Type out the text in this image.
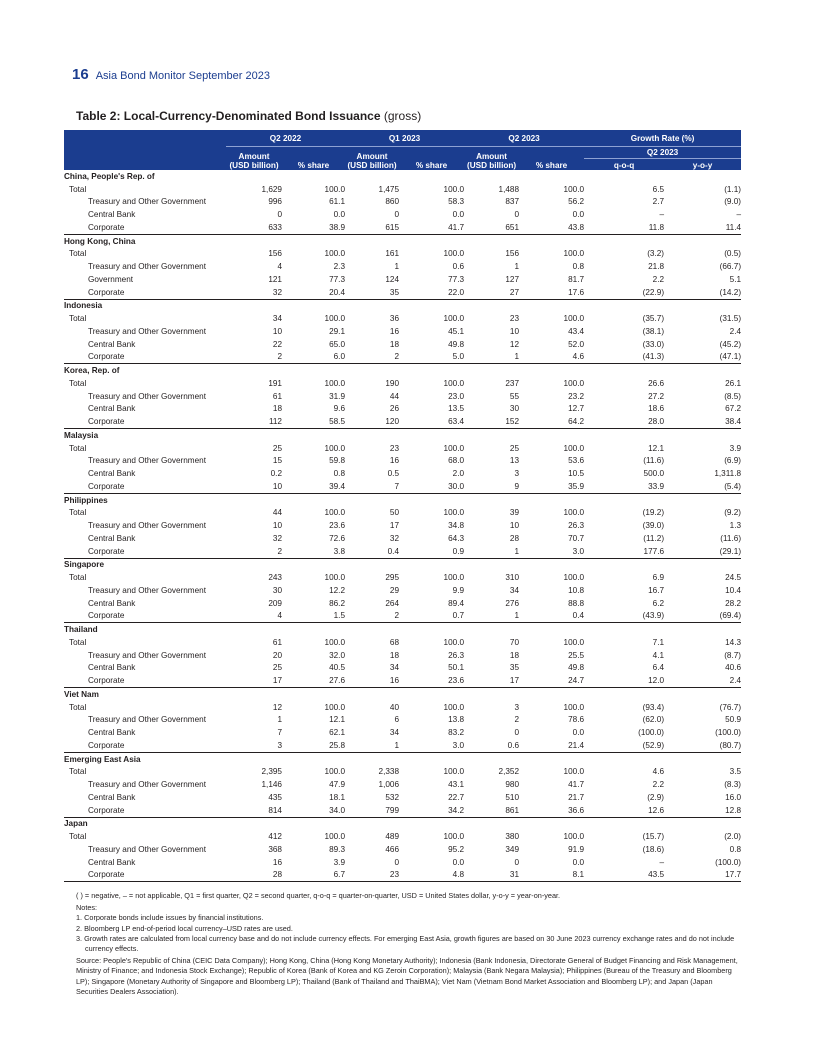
16 Asia Bond Monitor September 2023
Table 2: Local-Currency-Denominated Bond Issuance (gross)
	Q2 2022		Q1 2023		Q2 2023		Growth Rate (%)	
	Amount
(USD billion)	% share	Amount
(USD billion)	% share	Amount
(USD billion)	% share	Q2 2023	
							q-o-q	y-o-y
China, People's Rep. of								
Total	1,629	100.0	1,475	100.0	1,488	100.0	6.5	(1.1)
Treasury and Other Government	996	61.1	860	58.3	837	56.2	2.7	(9.0)
Central Bank	0	0.0	0	0.0	0	0.0	–	–
Corporate	633	38.9	615	41.7	651	43.8	11.8	11.4
Hong Kong, China								
Total	156	100.0	161	100.0	156	100.0	(3.2)	(0.5)
Treasury and Other Government	4	2.3	1	0.6	1	0.8	21.8	(66.7)
Government	121	77.3	124	77.3	127	81.7	2.2	5.1
Corporate	32	20.4	35	22.0	27	17.6	(22.9)	(14.2)
Indonesia								
Total	34	100.0	36	100.0	23	100.0	(35.7)	(31.5)
Treasury and Other Government	10	29.1	16	45.1	10	43.4	(38.1)	2.4
Central Bank	22	65.0	18	49.8	12	52.0	(33.0)	(45.2)
Corporate	2	6.0	2	5.0	1	4.6	(41.3)	(47.1)
Korea, Rep. of								
Total	191	100.0	190	100.0	237	100.0	26.6	26.1
Treasury and Other Government	61	31.9	44	23.0	55	23.2	27.2	(8.5)
Central Bank	18	9.6	26	13.5	30	12.7	18.6	67.2
Corporate	112	58.5	120	63.4	152	64.2	28.0	38.4
Malaysia								
Total	25	100.0	23	100.0	25	100.0	12.1	3.9
Treasury and Other Government	15	59.8	16	68.0	13	53.6	(11.6)	(6.9)
Central Bank	0.2	0.8	0.5	2.0	3	10.5	500.0	1,311.8
Corporate	10	39.4	7	30.0	9	35.9	33.9	(5.4)
Philippines								
Total	44	100.0	50	100.0	39	100.0	(19.2)	(9.2)
Treasury and Other Government	10	23.6	17	34.8	10	26.3	(39.0)	1.3
Central Bank	32	72.6	32	64.3	28	70.7	(11.2)	(11.6)
Corporate	2	3.8	0.4	0.9	1	3.0	177.6	(29.1)
Singapore								
Total	243	100.0	295	100.0	310	100.0	6.9	24.5
Treasury and Other Government	30	12.2	29	9.9	34	10.8	16.7	10.4
Central Bank	209	86.2	264	89.4	276	88.8	6.2	28.2
Corporate	4	1.5	2	0.7	1	0.4	(43.9)	(69.4)
Thailand								
Total	61	100.0	68	100.0	70	100.0	7.1	14.3
Treasury and Other Government	20	32.0	18	26.3	18	25.5	4.1	(8.7)
Central Bank	25	40.5	34	50.1	35	49.8	6.4	40.6
Corporate	17	27.6	16	23.6	17	24.7	12.0	2.4
Viet Nam								
Total	12	100.0	40	100.0	3	100.0	(93.4)	(76.7)
Treasury and Other Government	1	12.1	6	13.8	2	78.6	(62.0)	50.9
Central Bank	7	62.1	34	83.2	0	0.0	(100.0)	(100.0)
Corporate	3	25.8	1	3.0	0.6	21.4	(52.9)	(80.7)
Emerging East Asia								
Total	2,395	100.0	2,338	100.0	2,352	100.0	4.6	3.5
Treasury and Other Government	1,146	47.9	1,006	43.1	980	41.7	2.2	(8.3)
Central Bank	435	18.1	532	22.7	510	21.7	(2.9)	16.0
Corporate	814	34.0	799	34.2	861	36.6	12.6	12.8
Japan								
Total	412	100.0	489	100.0	380	100.0	(15.7)	(2.0)
Treasury and Other Government	368	89.3	466	95.2	349	91.9	(18.6)	0.8
Central Bank	16	3.9	0	0.0	0	0.0	–	(100.0)
Corporate	28	6.7	23	4.8	31	8.1	43.5	17.7

( ) = negative, – = not applicable, Q1 = first quarter, Q2 = second quarter, q-o-q = quarter-on-quarter, USD = United States dollar, y-o-y = year-on-year.

Notes:

1. Corporate bonds include issues by financial institutions.

2. Bloomberg LP end-of-period local currency–USD rates are used.

3. Growth rates are calculated from local currency base and do not include currency effects. For emerging East Asia, growth figures are based on 30 June 2023 currency exchange rates and do not include currency effects.

Source: People's Republic of China (CEIC Data Company); Hong Kong, China (Hong Kong Monetary Authority); Indonesia (Bank Indonesia, Directorate General of Budget Financing and Risk Management, Ministry of Finance; and Indonesia Stock Exchange); Republic of Korea (Bank of Korea and KG Zeroin Corporation); Malaysia (Bank Negara Malaysia); Philippines (Bureau of the Treasury and Bloomberg LP); Singapore (Monetary Authority of Singapore and Bloomberg LP); Thailand (Bank of Thailand and ThaiBMA); Viet Nam (Vietnam Bond Market Association and Bloomberg LP); and Japan (Japan Securities Dealers Association).
